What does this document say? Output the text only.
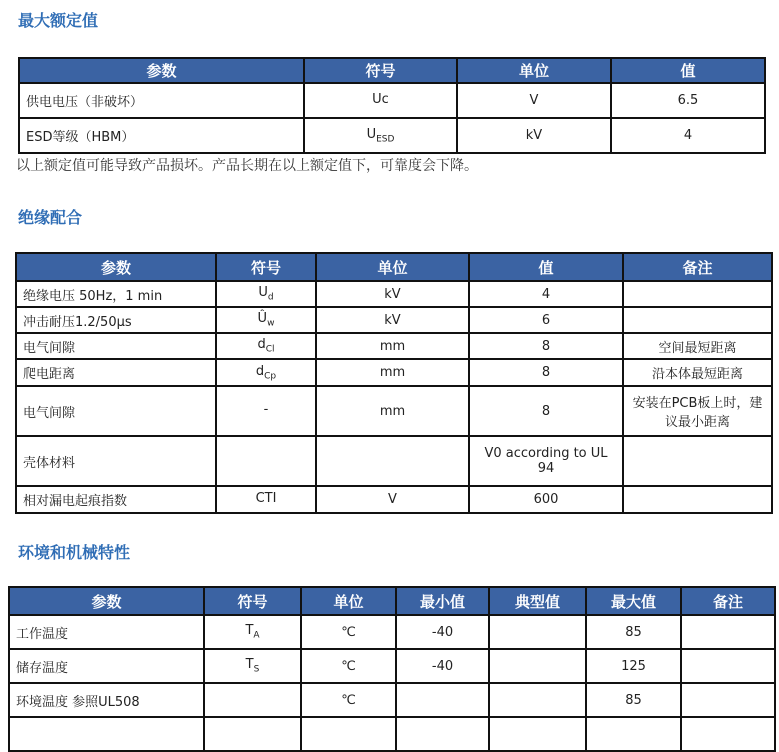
最大额定值
参数	符号	单位	值
供电电压（非破坏）	Uc	V	6.5
ESD等级（HBM）	$U_{ESD}$	kV	4
以上额定值可能导致产品损坏。产品长期在以上额定值下，可靠度会下降。
绝缘配合
参数	符号	单位	值	备注
绝缘电压 50Hz，1 min	$U_d$	kV	4	
冲击耐压1.2/50µs	$Û_w$	kV	6	
电气间隙	$d_{Cl}$	mm	8	空间最短距离
爬电距离	$d_{Cp}$	mm	8	沿本体最短距离
电气间隙	-	mm	8	安装在PCB板上时，建议最小距离
壳体材料			V0 according to UL 94	
相对漏电起痕指数	CTI	V	600	
环境和机械特性
参数	符号	单位	最小值	典型值	最大值	备注
工作温度	$T_A$	℃	-40		85	
储存温度	$T_S$	℃	-40		125	
环境温度 参照UL508		℃			85	
